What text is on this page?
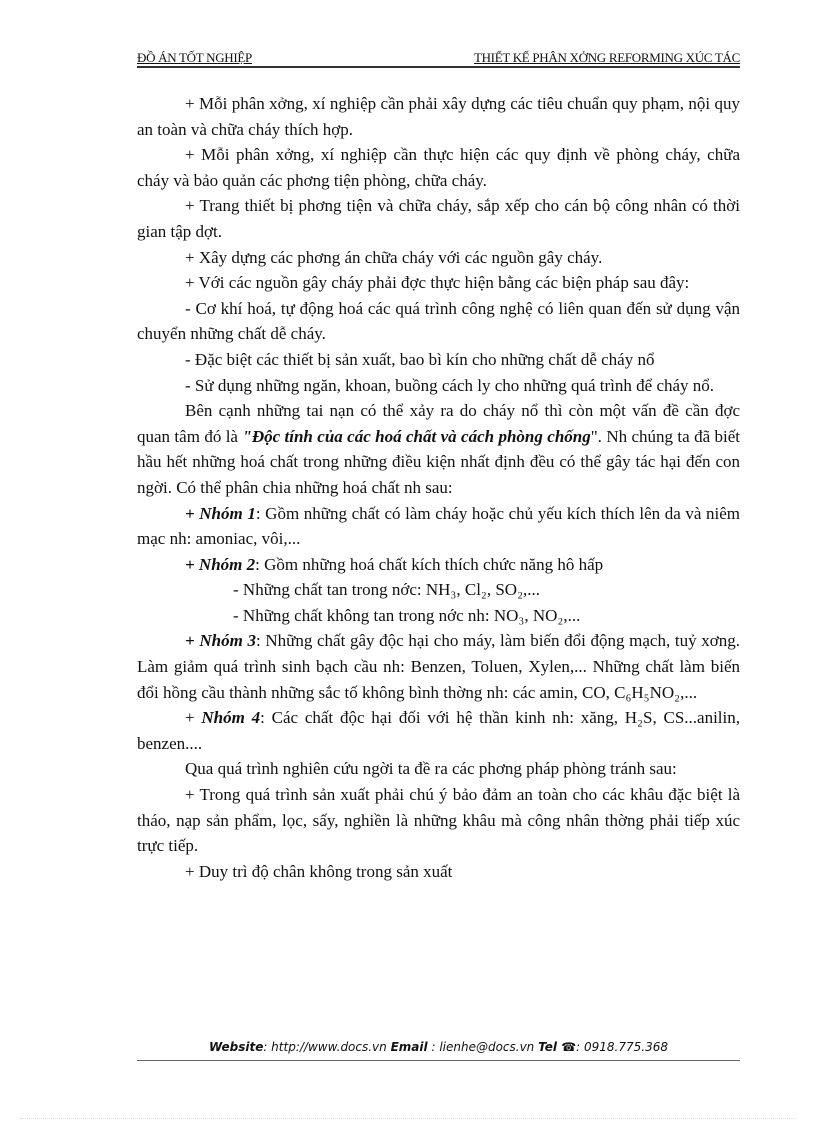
ĐỒ ÁN TỐT NGHIỆP	THIẾT KẾ PHÂN XỞNG REFORMING XÚC TÁC

+ Mỗi phân xởng, xí nghiệp cần phải xây dựng các tiêu chuẩn quy phạm, nội quy an toàn và chữa cháy thích hợp.

+ Mỗi phân xởng, xí nghiệp cần thực hiện các quy định về phòng cháy, chữa cháy và bảo quản các phơng tiện phòng, chữa cháy.

+ Trang thiết bị phơng tiện và chữa cháy, sắp xếp cho cán bộ công nhân có thời gian tập dợt.

+ Xây dựng các phơng án chữa cháy với các nguồn gây cháy.

+ Với các nguồn gây cháy phải đợc thực hiện bằng các biện pháp sau đây:

- Cơ khí hoá, tự động hoá các quá trình công nghệ có liên quan đến sử dụng vận chuyển những chất dễ cháy.

- Đặc biệt các thiết bị sản xuất, bao bì kín cho những chất dễ cháy nổ

- Sử dụng những ngăn, khoan, buồng cách ly cho những quá trình để cháy nổ.

Bên cạnh những tai nạn có thể xảy ra do cháy nổ thì còn một vấn đề cần đợc quan tâm đó là "Độc tính của các hoá chất và cách phòng chống". Nh chúng ta đã biết hầu hết những hoá chất trong những điều kiện nhất định đều có thể gây tác hại đến con ngời. Có thể phân chia những hoá chất nh sau:

+ Nhóm 1: Gồm những chất có làm cháy hoặc chủ yếu kích thích lên da và niêm mạc nh: amoniac, vôi,...

+ Nhóm 2: Gồm những hoá chất kích thích chức năng hô hấp

- Những chất tan trong nớc: NH₃, Cl₂, SO₂,...

- Những chất không tan trong nớc nh: NO₃, NO₂,...

+ Nhóm 3: Những chất gây độc hại cho máy, làm biến đổi động mạch, tuỷ xơng. Làm giảm quá trình sinh bạch cầu nh: Benzen, Toluen, Xylen,... Những chất làm biến đổi hồng cầu thành những sắc tố không bình thờng nh: các amin, CO, C₆H₅NO₂,...

+ Nhóm 4: Các chất độc hại đối với hệ thần kinh nh: xăng, H₂S, CS...anilin, benzen....

Qua quá trình nghiên cứu ngời ta đề ra các phơng pháp phòng tránh sau:

+ Trong quá trình sản xuất phải chú ý bảo đảm an toàn cho các khâu đặc biệt là tháo, nạp sản phẩm, lọc, sấy, nghiền là những khâu mà công nhân thờng phải tiếp xúc trực tiếp.

+ Duy trì độ chân không trong sản xuất

Website: http://www.docs.vn Email : lienhe@docs.vn Tel ☎: 0918.775.368
